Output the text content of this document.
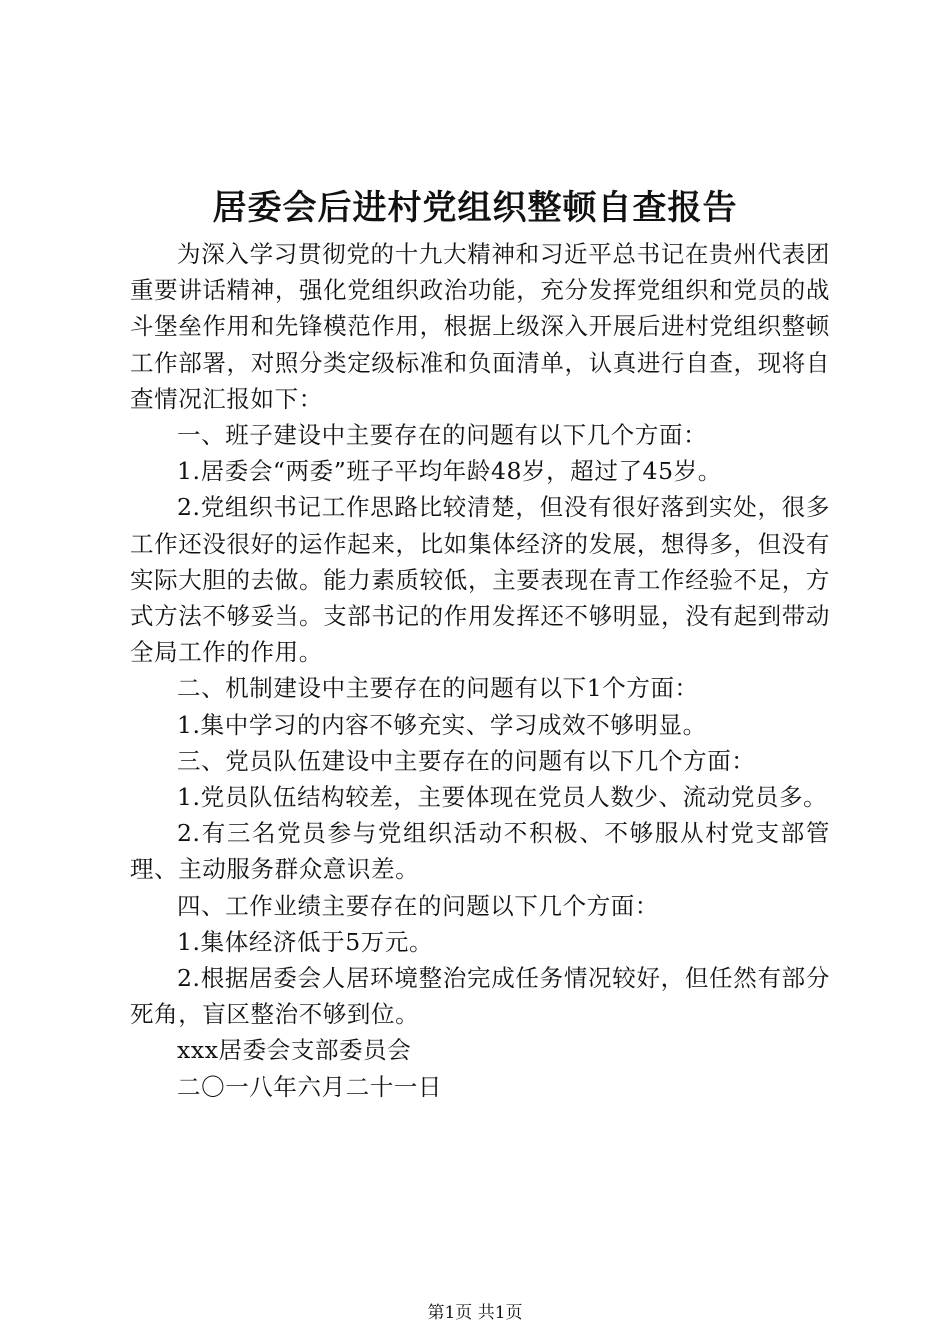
居委会后进村党组织整顿自查报告

为深入学习贯彻党的十九大精神和习近平总书记在贵州代表团重要讲话精神，强化党组织政治功能，充分发挥党组织和党员的战斗堡垒作用和先锋模范作用，根据上级深入开展后进村党组织整顿工作部署，对照分类定级标准和负面清单，认真进行自查，现将自查情况汇报如下：

一、班子建设中主要存在的问题有以下几个方面：

1.居委会“两委”班子平均年龄48岁，超过了45岁。

2.党组织书记工作思路比较清楚，但没有很好落到实处，很多工作还没很好的运作起来，比如集体经济的发展，想得多，但没有实际大胆的去做。能力素质较低，主要表现在青工作经验不足，方式方法不够妥当。支部书记的作用发挥还不够明显，没有起到带动全局工作的作用。

二、机制建设中主要存在的问题有以下1个方面：

1.集中学习的内容不够充实、学习成效不够明显。

三、党员队伍建设中主要存在的问题有以下几个方面：

1.党员队伍结构较差，主要体现在党员人数少、流动党员多。

2.有三名党员参与党组织活动不积极、不够服从村党支部管理、主动服务群众意识差。

四、工作业绩主要存在的问题以下几个方面：

1.集体经济低于5万元。

2.根据居委会人居环境整治完成任务情况较好，但任然有部分死角，盲区整治不够到位。

xxx居委会支部委员会

二〇一八年六月二十一日

第1页 共1页
